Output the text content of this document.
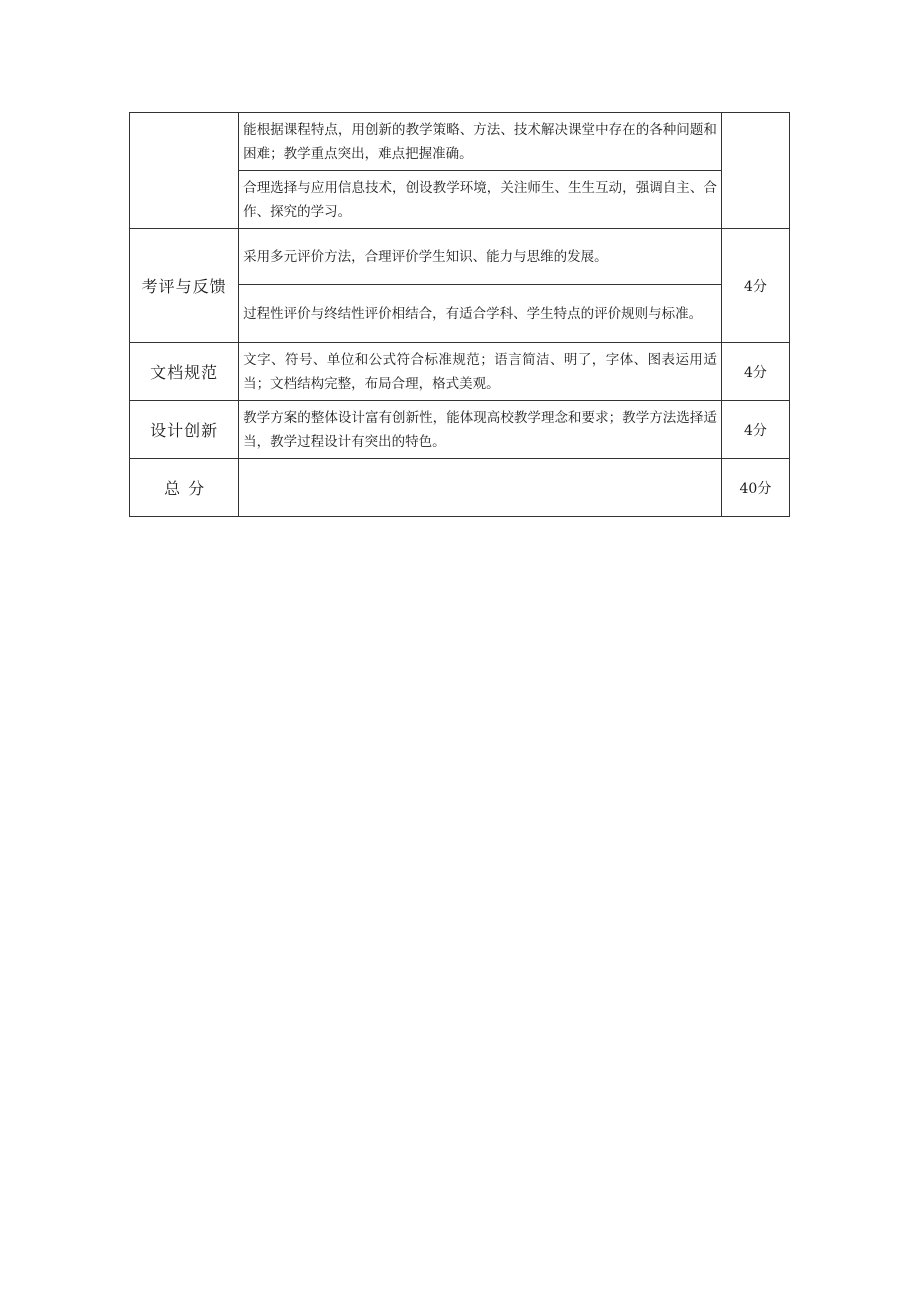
	能根据课程特点，用创新的教学策略、方法、技术解决课堂中存在的各种问题和困难；教学重点突出，难点把握准确。	
	合理选择与应用信息技术，创设教学环境，关注师生、生生互动，强调自主、合作、探究的学习。	
考评与反馈	采用多元评价方法，合理评价学生知识、能力与思维的发展。	4分
	过程性评价与终结性评价相结合，有适合学科、学生特点的评价规则与标准。	
文档规范	文字、符号、单位和公式符合标准规范；语言简洁、明了，字体、图表运用适当；文档结构完整，布局合理，格式美观。	4分
设计创新	教学方案的整体设计富有创新性，能体现高校教学理念和要求；教学方法选择适当，教学过程设计有突出的特色。	4分
总分		40分
